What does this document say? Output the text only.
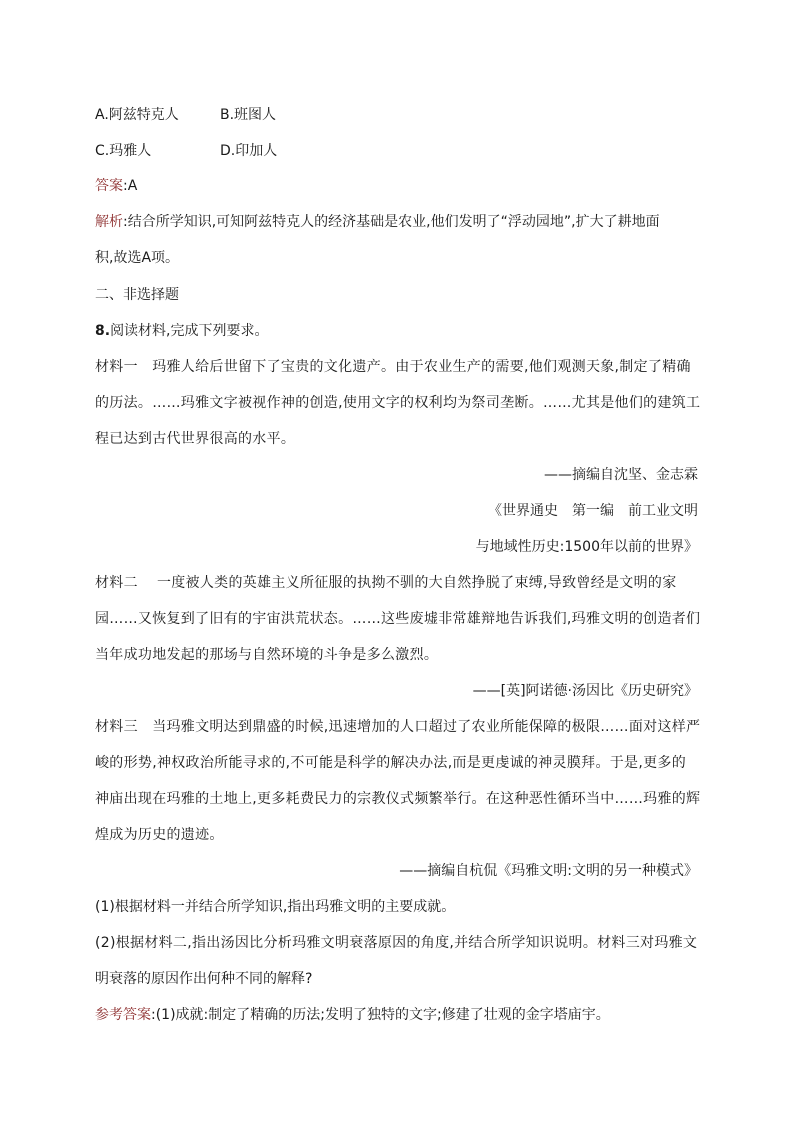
A.阿兹特克人	B.班图人
C.玛雅人	D.印加人
答案:A
解析:结合所学知识,可知阿兹特克人的经济基础是农业,他们发明了“浮动园地”,扩大了耕地面
积,故选A项。
二、非选择题
8.阅读材料,完成下列要求。
材料一　玛雅人给后世留下了宝贵的文化遗产。由于农业生产的需要,他们观测天象,制定了精确
的历法。……玛雅文字被视作神的创造,使用文字的权利均为祭司垄断。……尤其是他们的建筑工
程已达到古代世界很高的水平。
——摘编自沈坚、金志霖
《世界通史　第一编　前工业文明
与地域性历史:1500年以前的世界》
材料二　 一度被人类的英雄主义所征服的执拗不驯的大自然挣脱了束缚,导致曾经是文明的家
园……又恢复到了旧有的宇宙洪荒状态。……这些废墟非常雄辩地告诉我们,玛雅文明的创造者们
当年成功地发起的那场与自然环境的斗争是多么激烈。
——[英]阿诺德·汤因比《历史研究》
材料三　当玛雅文明达到鼎盛的时候,迅速增加的人口超过了农业所能保障的极限……面对这样严
峻的形势,神权政治所能寻求的,不可能是科学的解决办法,而是更虔诚的神灵膜拜。于是,更多的
神庙出现在玛雅的土地上,更多耗费民力的宗教仪式频繁举行。在这种恶性循环当中……玛雅的辉
煌成为历史的遗迹。
——摘编自杭侃《玛雅文明:文明的另一种模式》
(1)根据材料一并结合所学知识,指出玛雅文明的主要成就。
(2)根据材料二,指出汤因比分析玛雅文明衰落原因的角度,并结合所学知识说明。材料三对玛雅文
明衰落的原因作出何种不同的解释?
参考答案:(1)成就:制定了精确的历法;发明了独特的文字;修建了壮观的金字塔庙宇。
